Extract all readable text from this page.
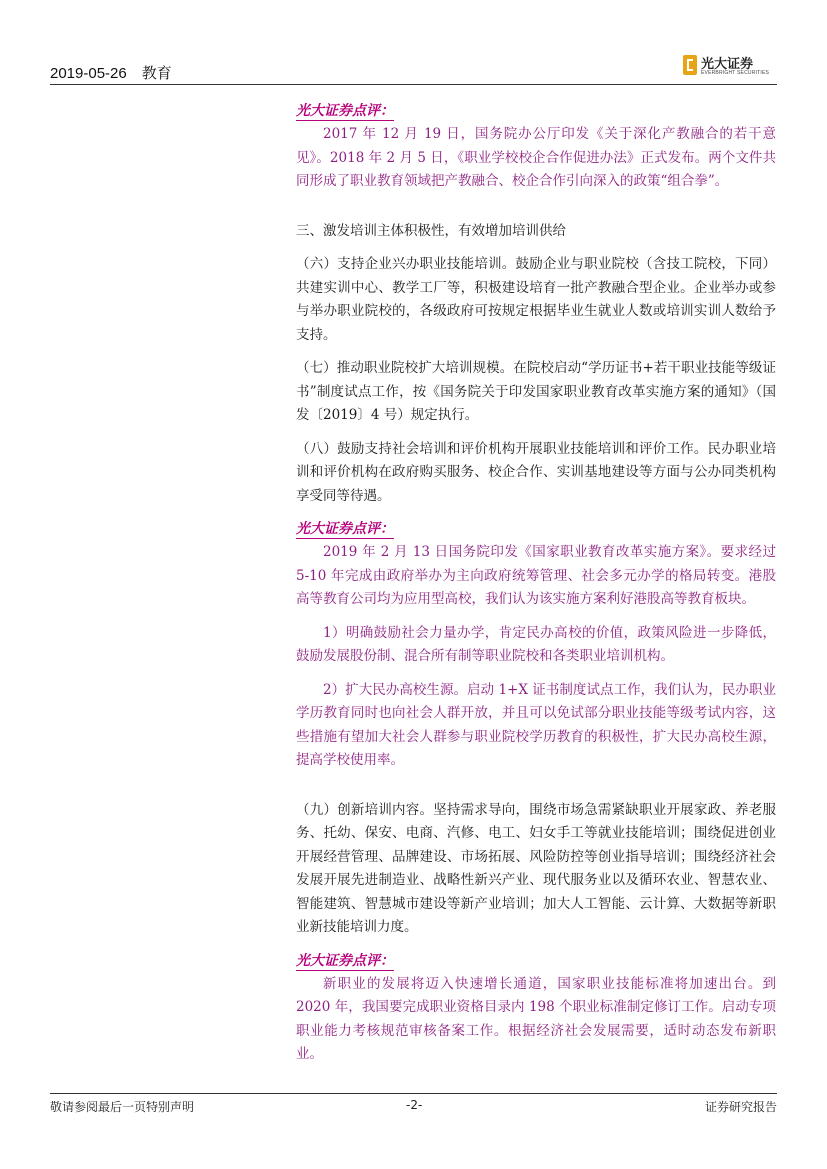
2019-05-26　教育
光大证券
EVERBRIGHT SECURITIES
光大证券点评：

2017 年 12 月 19 日，国务院办公厅印发《关于深化产教融合的若干意见》。2018 年 2 月 5 日，《职业学校校企合作促进办法》正式发布。两个文件共同形成了职业教育领域把产教融合、校企合作引向深入的政策“组合拳”。

三、激发培训主体积极性，有效增加培训供给

（六）支持企业兴办职业技能培训。鼓励企业与职业院校（含技工院校，下同）共建实训中心、教学工厂等，积极建设培育一批产教融合型企业。企业举办或参与举办职业院校的，各级政府可按规定根据毕业生就业人数或培训实训人数给予支持。

（七）推动职业院校扩大培训规模。在院校启动“学历证书+若干职业技能等级证书”制度试点工作，按《国务院关于印发国家职业教育改革实施方案的通知》（国发〔2019〕4 号）规定执行。

（八）鼓励支持社会培训和评价机构开展职业技能培训和评价工作。民办职业培训和评价机构在政府购买服务、校企合作、实训基地建设等方面与公办同类机构享受同等待遇。

光大证券点评：

2019 年 2 月 13 日国务院印发《国家职业教育改革实施方案》。要求经过 5-10 年完成由政府举办为主向政府统筹管理、社会多元办学的格局转变。港股高等教育公司均为应用型高校，我们认为该实施方案利好港股高等教育板块。

1）明确鼓励社会力量办学，肯定民办高校的价值，政策风险进一步降低，鼓励发展股份制、混合所有制等职业院校和各类职业培训机构。

2）扩大民办高校生源。启动 1+X 证书制度试点工作，我们认为，民办职业学历教育同时也向社会人群开放，并且可以免试部分职业技能等级考试内容，这些措施有望加大社会人群参与职业院校学历教育的积极性，扩大民办高校生源，提高学校使用率。

（九）创新培训内容。坚持需求导向，围绕市场急需紧缺职业开展家政、养老服务、托幼、保安、电商、汽修、电工、妇女手工等就业技能培训；围绕促进创业开展经营管理、品牌建设、市场拓展、风险防控等创业指导培训；围绕经济社会发展开展先进制造业、战略性新兴产业、现代服务业以及循环农业、智慧农业、智能建筑、智慧城市建设等新产业培训；加大人工智能、云计算、大数据等新职业新技能培训力度。

光大证券点评：

新职业的发展将迈入快速增长通道，国家职业技能标准将加速出台。到 2020 年，我国要完成职业资格目录内 198 个职业标准制定修订工作。启动专项职业能力考核规范审核备案工作。根据经济社会发展需要，适时动态发布新职业。

敬请参阅最后一页特别声明	-2-	证券研究报告
